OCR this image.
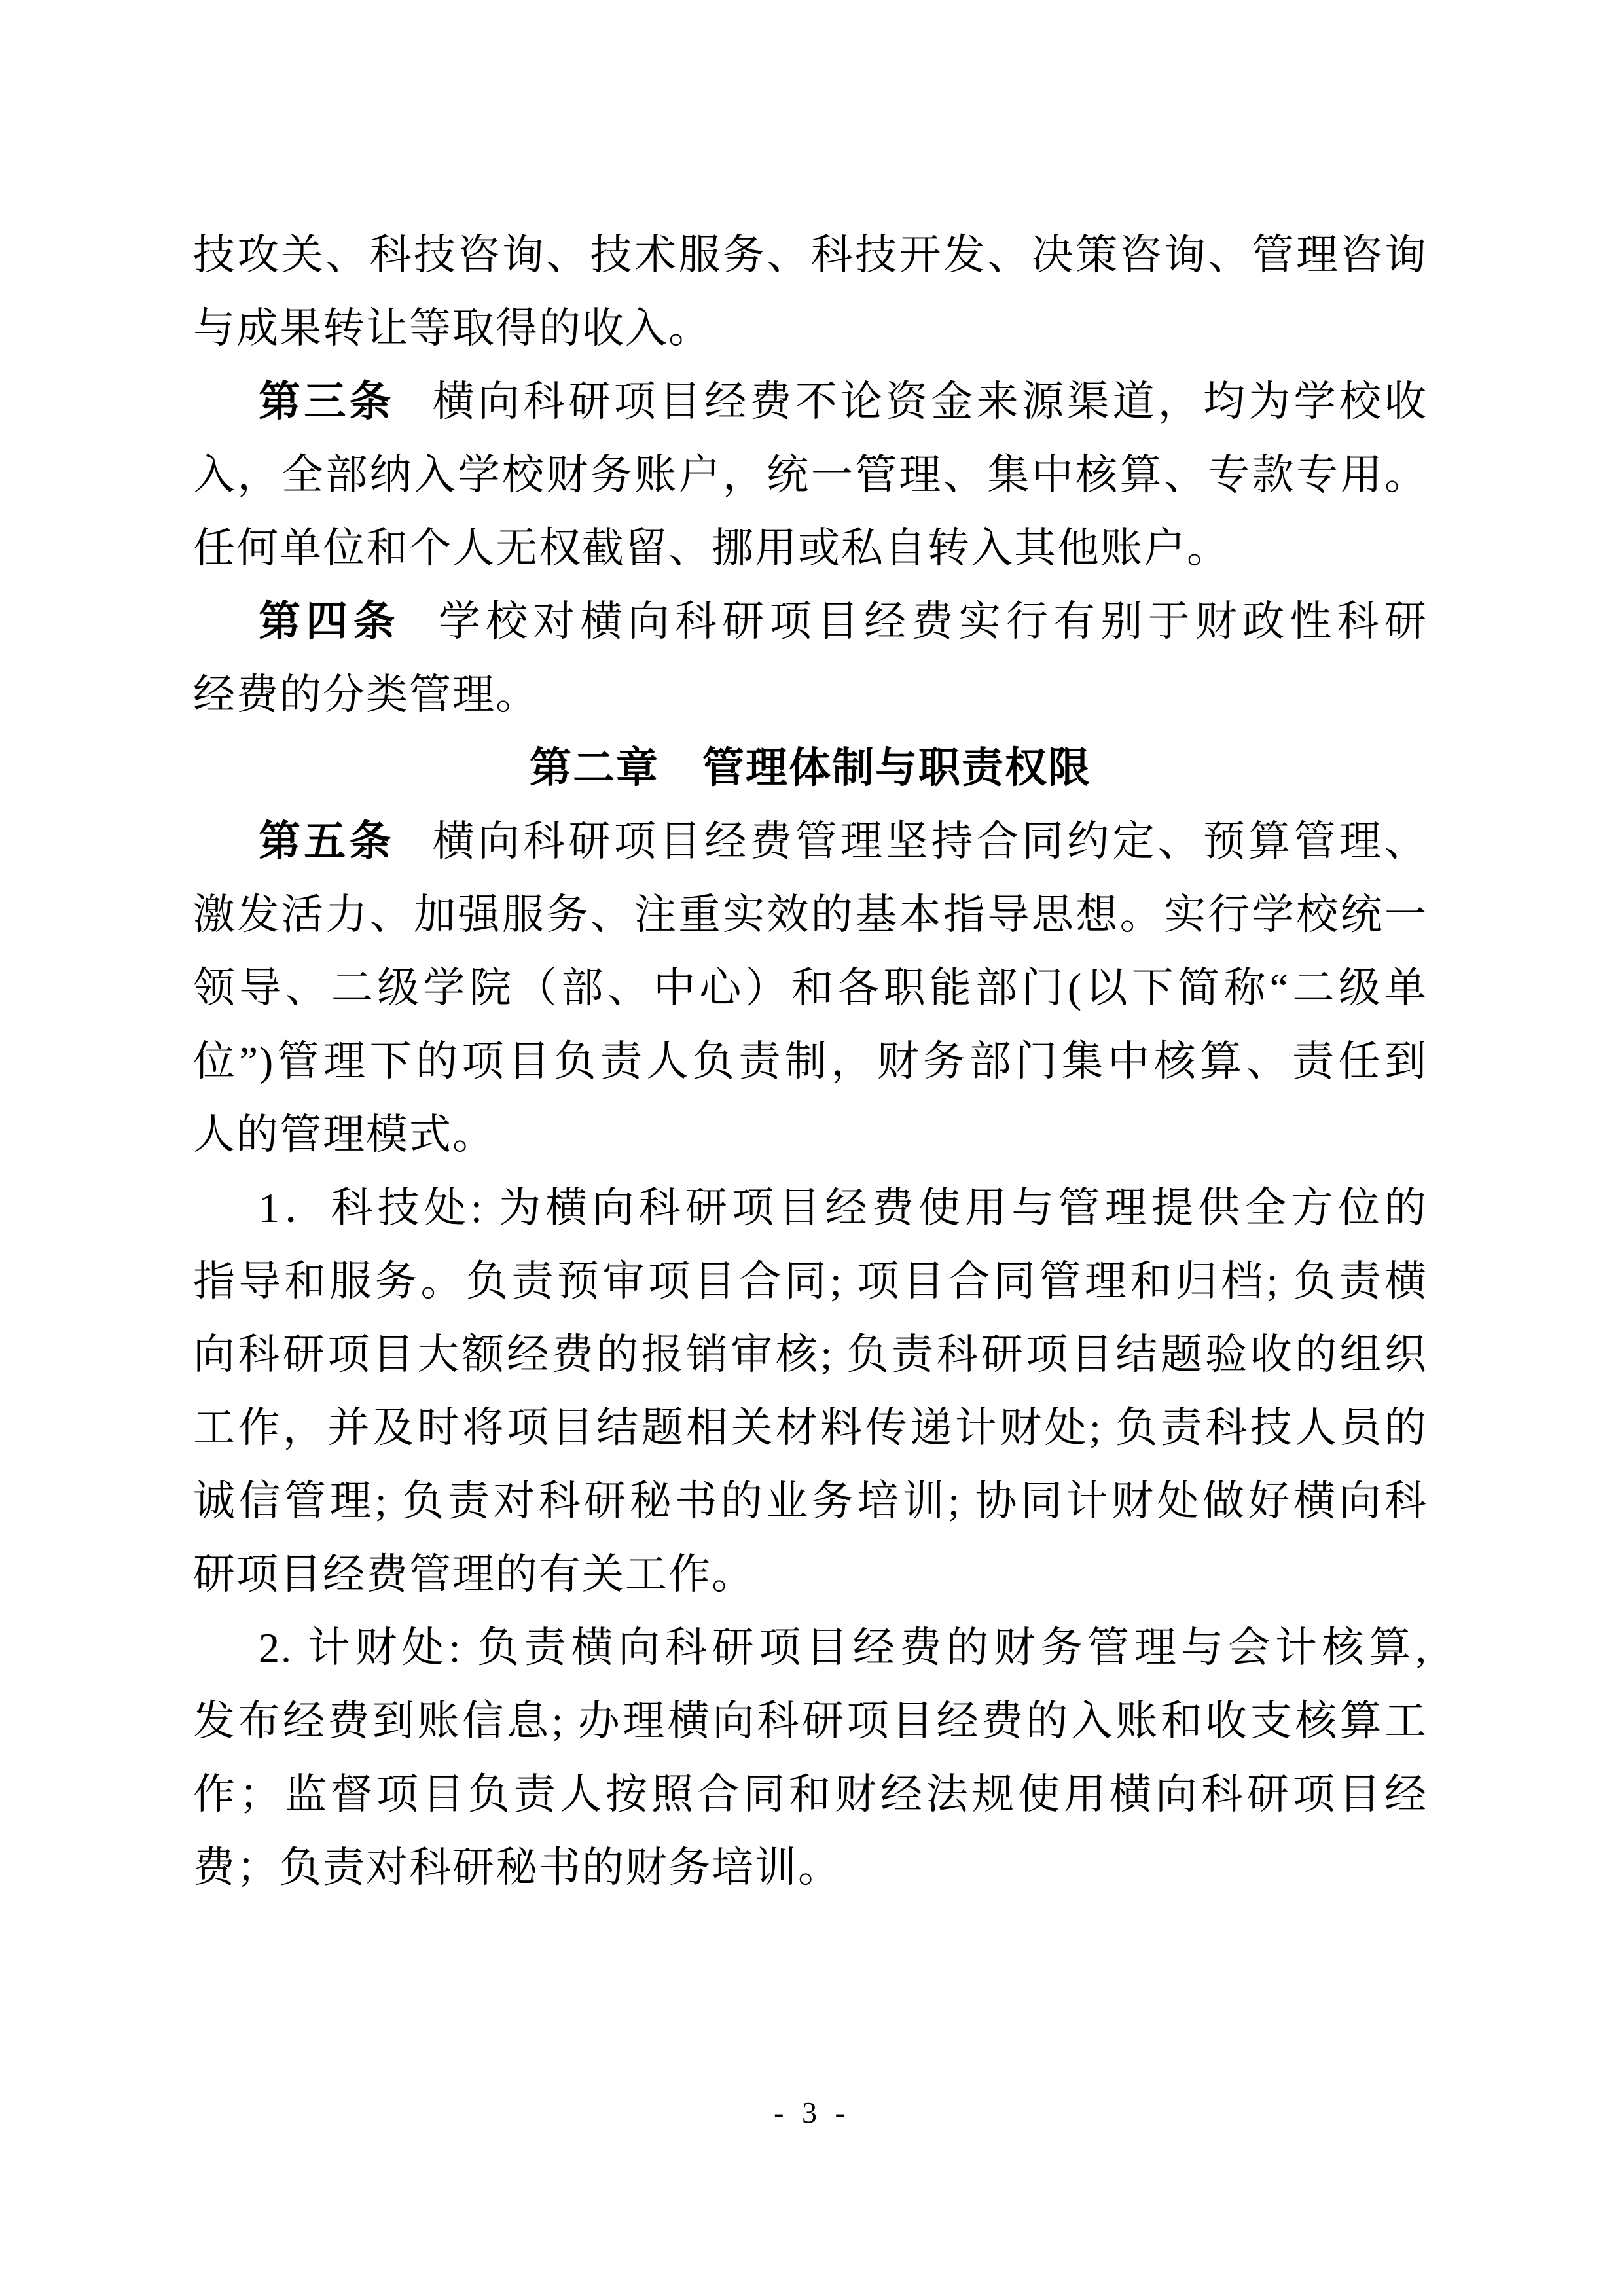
技攻关、科技咨询、技术服务、科技开发、决策咨询、管理咨询
与成果转让等取得的收入。
第三条 横向科研项目经费不论资金来源渠道，均为学校收
入，全部纳入学校财务账户，统一管理、集中核算、专款专用。
任何单位和个人无权截留、挪用或私自转入其他账户。
第四条 学校对横向科研项目经费实行有别于财政性科研
经费的分类管理。
第二章　管理体制与职责权限
第五条 横向科研项目经费管理坚持合同约定、预算管理、
激发活力、加强服务、注重实效的基本指导思想。实行学校统一
领导、二级学院（部、中心）和各职能部门(以下简称“二级单
位”)管理下的项目负责人负责制，财务部门集中核算、责任到
人的管理模式。
1．科技处: 为横向科研项目经费使用与管理提供全方位的
指导和服务。负责预审项目合同; 项目合同管理和归档; 负责横
向科研项目大额经费的报销审核; 负责科研项目结题验收的组织
工作，并及时将项目结题相关材料传递计财处; 负责科技人员的
诚信管理; 负责对科研秘书的业务培训; 协同计财处做好横向科
研项目经费管理的有关工作。
2. 计财处: 负责横向科研项目经费的财务管理与会计核算,
发布经费到账信息; 办理横向科研项目经费的入账和收支核算工
作；监督项目负责人按照合同和财经法规使用横向科研项目经
费；负责对科研秘书的财务培训。
- 3 -
